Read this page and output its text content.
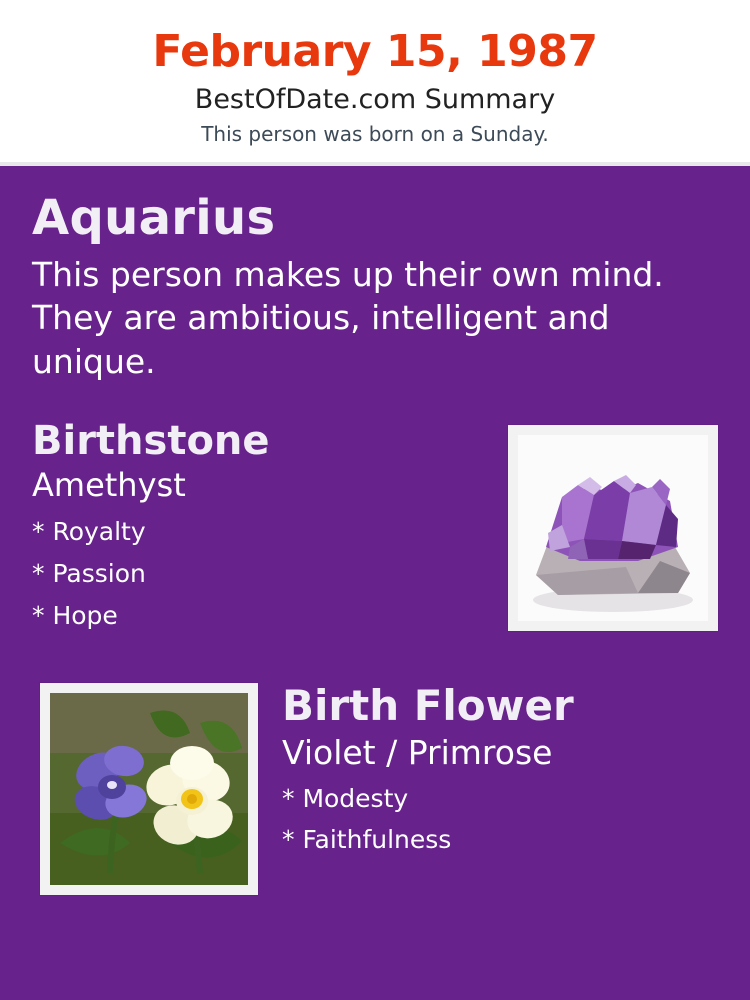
February 15, 1987
BestOfDate.com Summary
This person was born on a Sunday.
Aquarius
This person makes up their own mind. They are ambitious, intelligent and unique.
Birthstone
Amethyst
* Royalty
* Passion
* Hope
Birth Flower
Violet / Primrose
* Modesty
* Faithfulness
